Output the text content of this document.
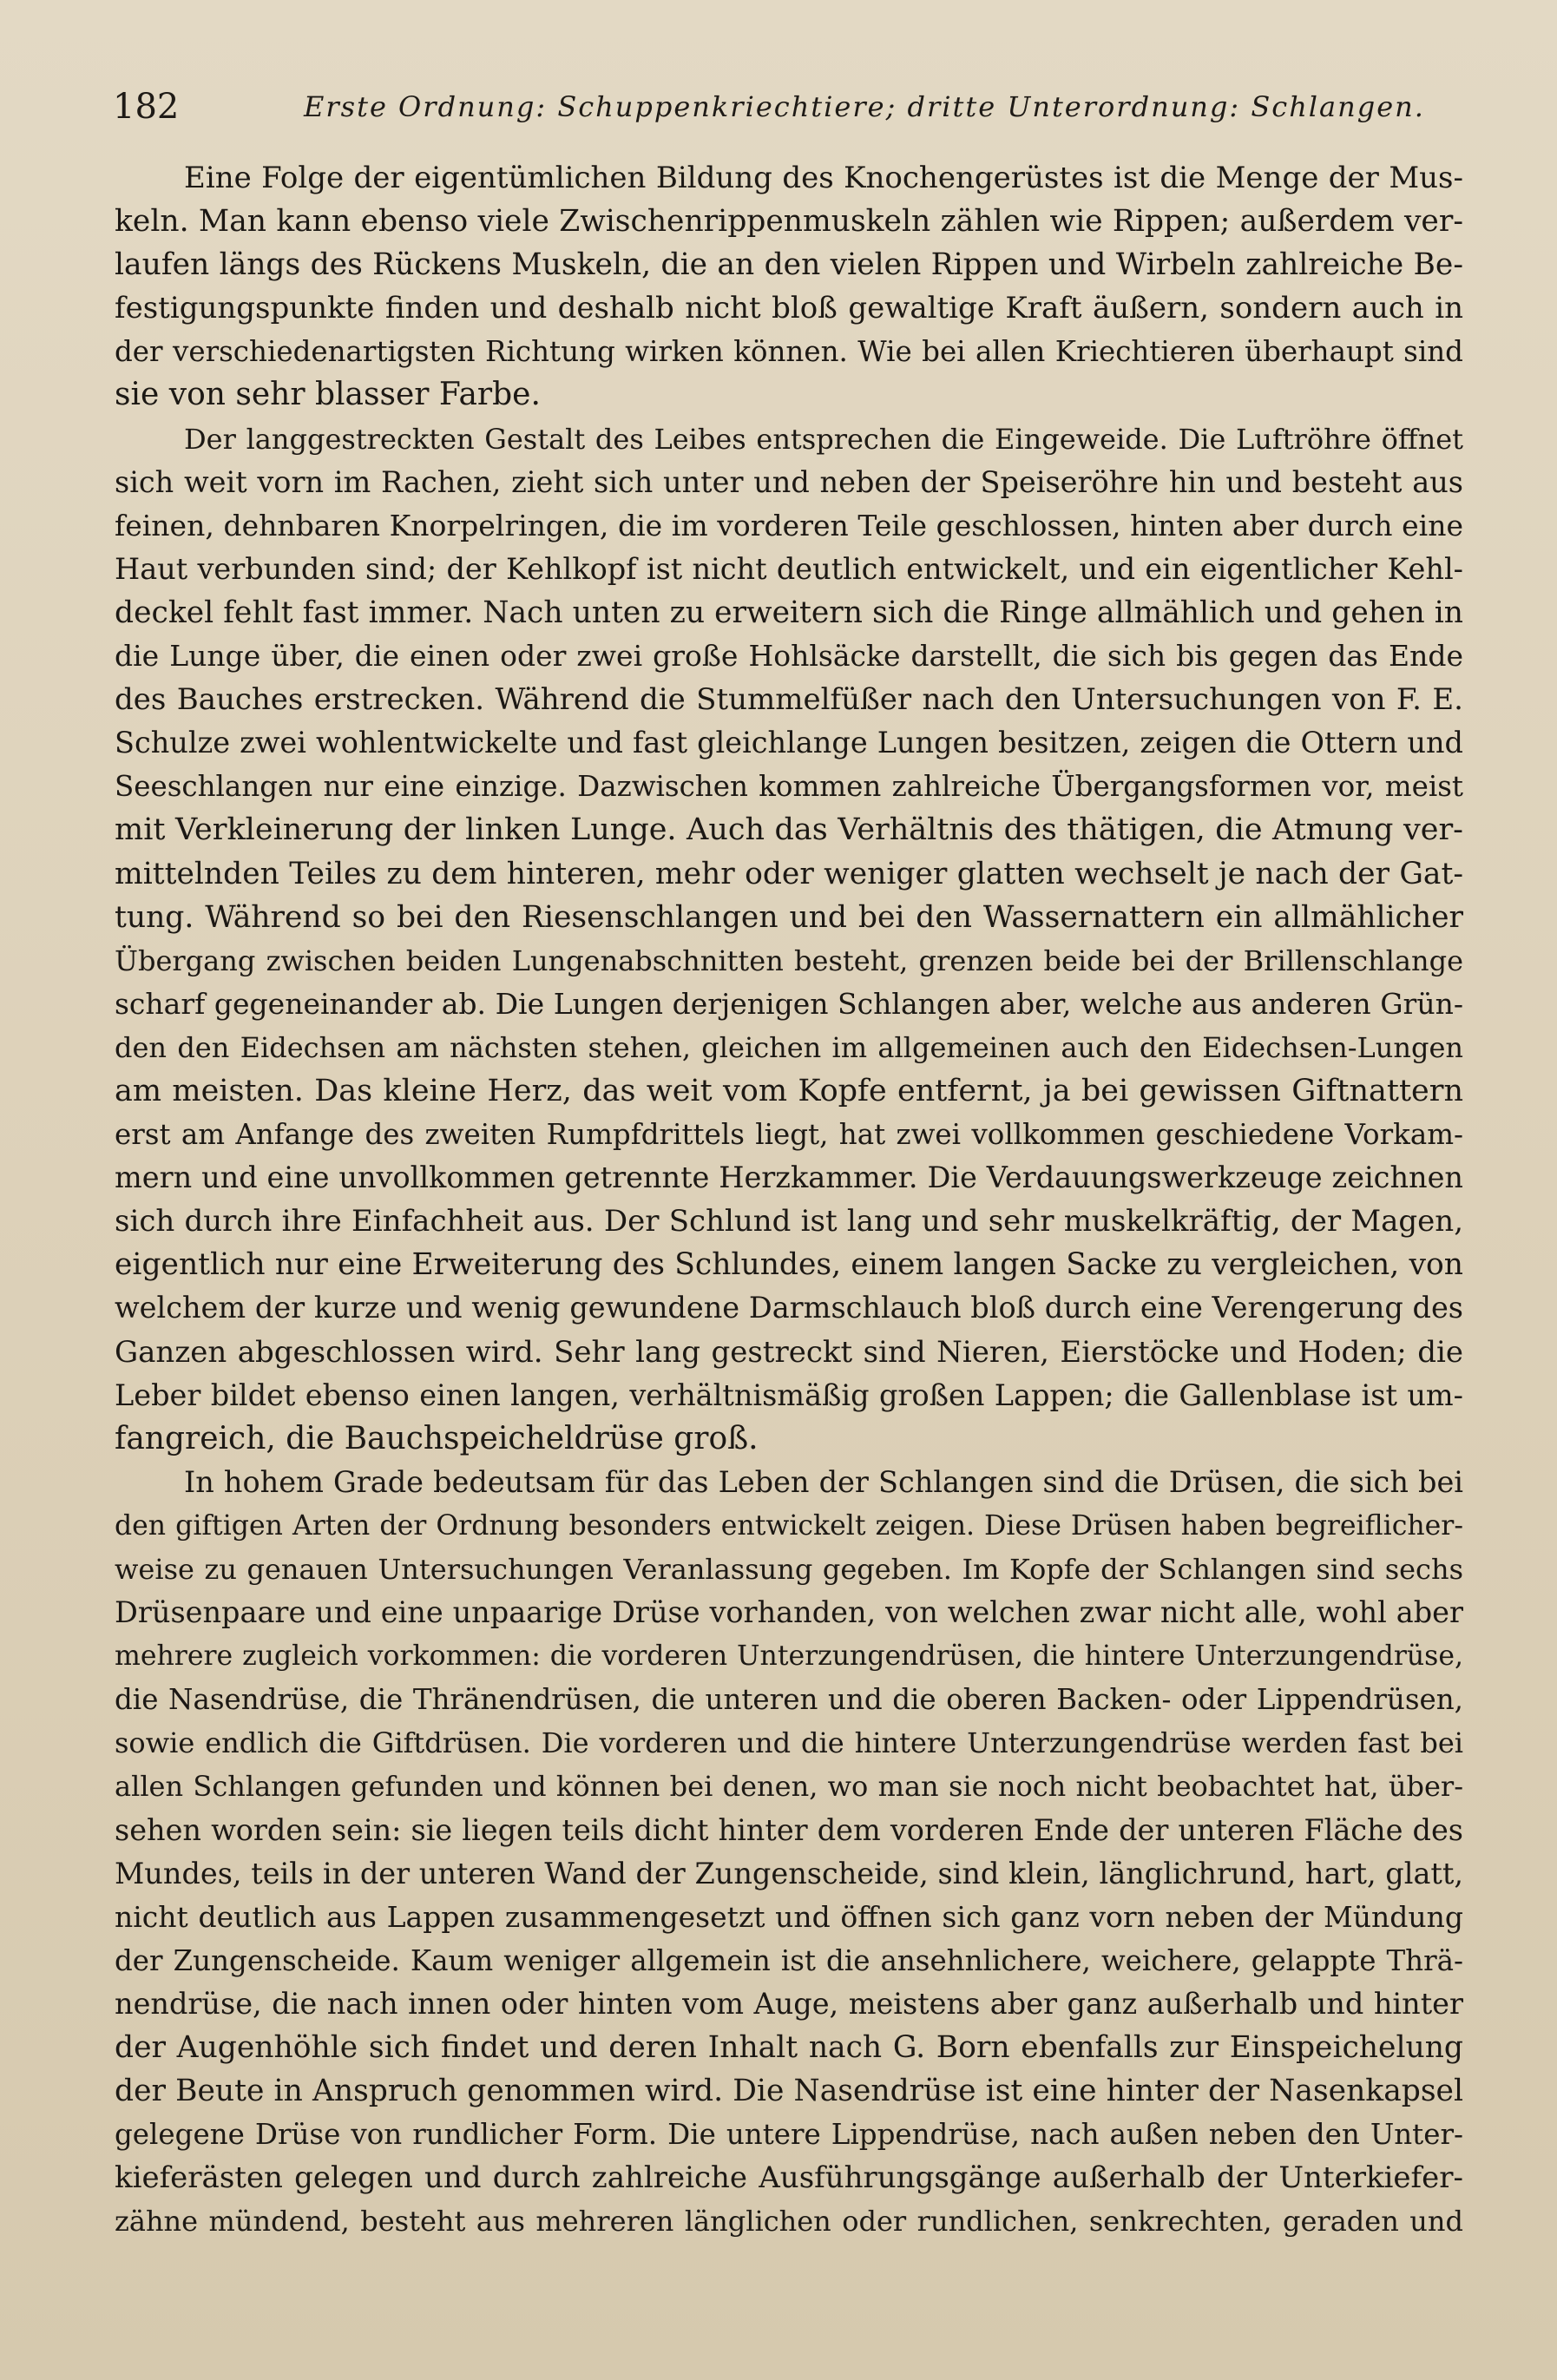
182	Erste Ordnung: Schuppenkriechtiere; dritte Unterordnung: Schlangen.
Eine Folge der eigentümlichen Bildung des Knochengerüstes ist die Menge der Mus-
keln. Man kann ebenso viele Zwischenrippenmuskeln zählen wie Rippen; außerdem ver-
laufen längs des Rückens Muskeln, die an den vielen Rippen und Wirbeln zahlreiche Be-
festigungspunkte finden und deshalb nicht bloß gewaltige Kraft äußern, sondern auch in
der verschiedenartigsten Richtung wirken können. Wie bei allen Kriechtieren überhaupt sind
sie von sehr blasser Farbe.
Der langgestreckten Gestalt des Leibes entsprechen die Eingeweide. Die Luftröhre öffnet
sich weit vorn im Rachen, zieht sich unter und neben der Speiseröhre hin und besteht aus
feinen, dehnbaren Knorpelringen, die im vorderen Teile geschlossen, hinten aber durch eine
Haut verbunden sind; der Kehlkopf ist nicht deutlich entwickelt, und ein eigentlicher Kehl-
deckel fehlt fast immer. Nach unten zu erweitern sich die Ringe allmählich und gehen in
die Lunge über, die einen oder zwei große Hohlsäcke darstellt, die sich bis gegen das Ende
des Bauches erstrecken. Während die Stummelfüßer nach den Untersuchungen von F. E.
Schulze zwei wohlentwickelte und fast gleichlange Lungen besitzen, zeigen die Ottern und
Seeschlangen nur eine einzige. Dazwischen kommen zahlreiche Übergangsformen vor, meist
mit Verkleinerung der linken Lunge. Auch das Verhältnis des thätigen, die Atmung ver-
mittelnden Teiles zu dem hinteren, mehr oder weniger glatten wechselt je nach der Gat-
tung. Während so bei den Riesenschlangen und bei den Wassernattern ein allmählicher
Übergang zwischen beiden Lungenabschnitten besteht, grenzen beide bei der Brillenschlange
scharf gegeneinander ab. Die Lungen derjenigen Schlangen aber, welche aus anderen Grün-
den den Eidechsen am nächsten stehen, gleichen im allgemeinen auch den Eidechsen-Lungen
am meisten. Das kleine Herz, das weit vom Kopfe entfernt, ja bei gewissen Giftnattern
erst am Anfange des zweiten Rumpfdrittels liegt, hat zwei vollkommen geschiedene Vorkam-
mern und eine unvollkommen getrennte Herzkammer. Die Verdauungswerkzeuge zeichnen
sich durch ihre Einfachheit aus. Der Schlund ist lang und sehr muskelkräftig, der Magen,
eigentlich nur eine Erweiterung des Schlundes, einem langen Sacke zu vergleichen, von
welchem der kurze und wenig gewundene Darmschlauch bloß durch eine Verengerung des
Ganzen abgeschlossen wird. Sehr lang gestreckt sind Nieren, Eierstöcke und Hoden; die
Leber bildet ebenso einen langen, verhältnismäßig großen Lappen; die Gallenblase ist um-
fangreich, die Bauchspeicheldrüse groß.
In hohem Grade bedeutsam für das Leben der Schlangen sind die Drüsen, die sich bei
den giftigen Arten der Ordnung besonders entwickelt zeigen. Diese Drüsen haben begreiflicher-
weise zu genauen Untersuchungen Veranlassung gegeben. Im Kopfe der Schlangen sind sechs
Drüsenpaare und eine unpaarige Drüse vorhanden, von welchen zwar nicht alle, wohl aber
mehrere zugleich vorkommen: die vorderen Unterzungendrüsen, die hintere Unterzungendrüse,
die Nasendrüse, die Thränendrüsen, die unteren und die oberen Backen- oder Lippendrüsen,
sowie endlich die Giftdrüsen. Die vorderen und die hintere Unterzungendrüse werden fast bei
allen Schlangen gefunden und können bei denen, wo man sie noch nicht beobachtet hat, über-
sehen worden sein: sie liegen teils dicht hinter dem vorderen Ende der unteren Fläche des
Mundes, teils in der unteren Wand der Zungenscheide, sind klein, länglichrund, hart, glatt,
nicht deutlich aus Lappen zusammengesetzt und öffnen sich ganz vorn neben der Mündung
der Zungenscheide. Kaum weniger allgemein ist die ansehnlichere, weichere, gelappte Thrä-
nendrüse, die nach innen oder hinten vom Auge, meistens aber ganz außerhalb und hinter
der Augenhöhle sich findet und deren Inhalt nach G. Born ebenfalls zur Einspeichelung
der Beute in Anspruch genommen wird. Die Nasendrüse ist eine hinter der Nasenkapsel
gelegene Drüse von rundlicher Form. Die untere Lippendrüse, nach außen neben den Unter-
kieferästen gelegen und durch zahlreiche Ausführungsgänge außerhalb der Unterkiefer-
zähne mündend, besteht aus mehreren länglichen oder rundlichen, senkrechten, geraden und
